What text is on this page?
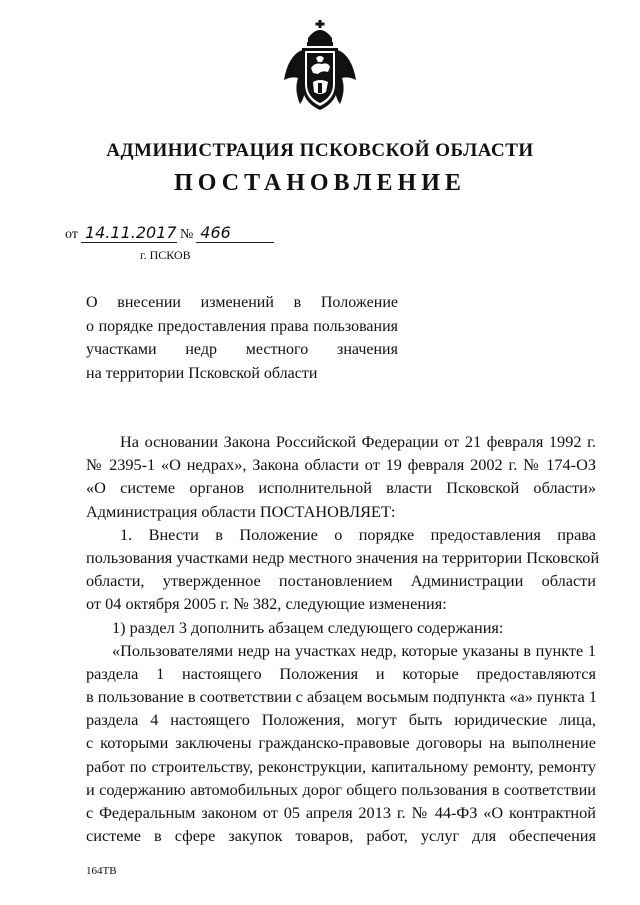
АДМИНИСТРАЦИЯ ПСКОВСКОЙ ОБЛАСТИ
ПОСТАНОВЛЕНИЕ
от 14.11.2017 № 466
г. ПСКОВ
О внесении изменений в Положение
о порядке предоставления права пользования
участками недр местного значения
на территории Псковской области
На основании Закона Российской Федерации от 21 февраля 1992 г.
№ 2395-1 «О недрах», Закона области от 19 февраля 2002 г. № 174-ОЗ
«О системе органов исполнительной власти Псковской области»
Администрация области ПОСТАНОВЛЯЕТ:
1. Внести в Положение о порядке предоставления права
пользования участками недр местного значения на территории Псковской
области, утвержденное постановлением Администрации области
от 04 октября 2005 г. № 382, следующие изменения:
1) раздел 3 дополнить абзацем следующего содержания:
«Пользователями недр на участках недр, которые указаны в пункте 1
раздела 1 настоящего Положения и которые предоставляются
в пользование в соответствии с абзацем восьмым подпункта «а» пункта 1
раздела 4 настоящего Положения, могут быть юридические лица,
с которыми заключены гражданско-правовые договоры на выполнение
работ по строительству, реконструкции, капитальному ремонту, ремонту
и содержанию автомобильных дорог общего пользования в соответствии
с Федеральным законом от 05 апреля 2013 г. № 44-ФЗ «О контрактной
системе в сфере закупок товаров, работ, услуг для обеспечения
164ТВ
